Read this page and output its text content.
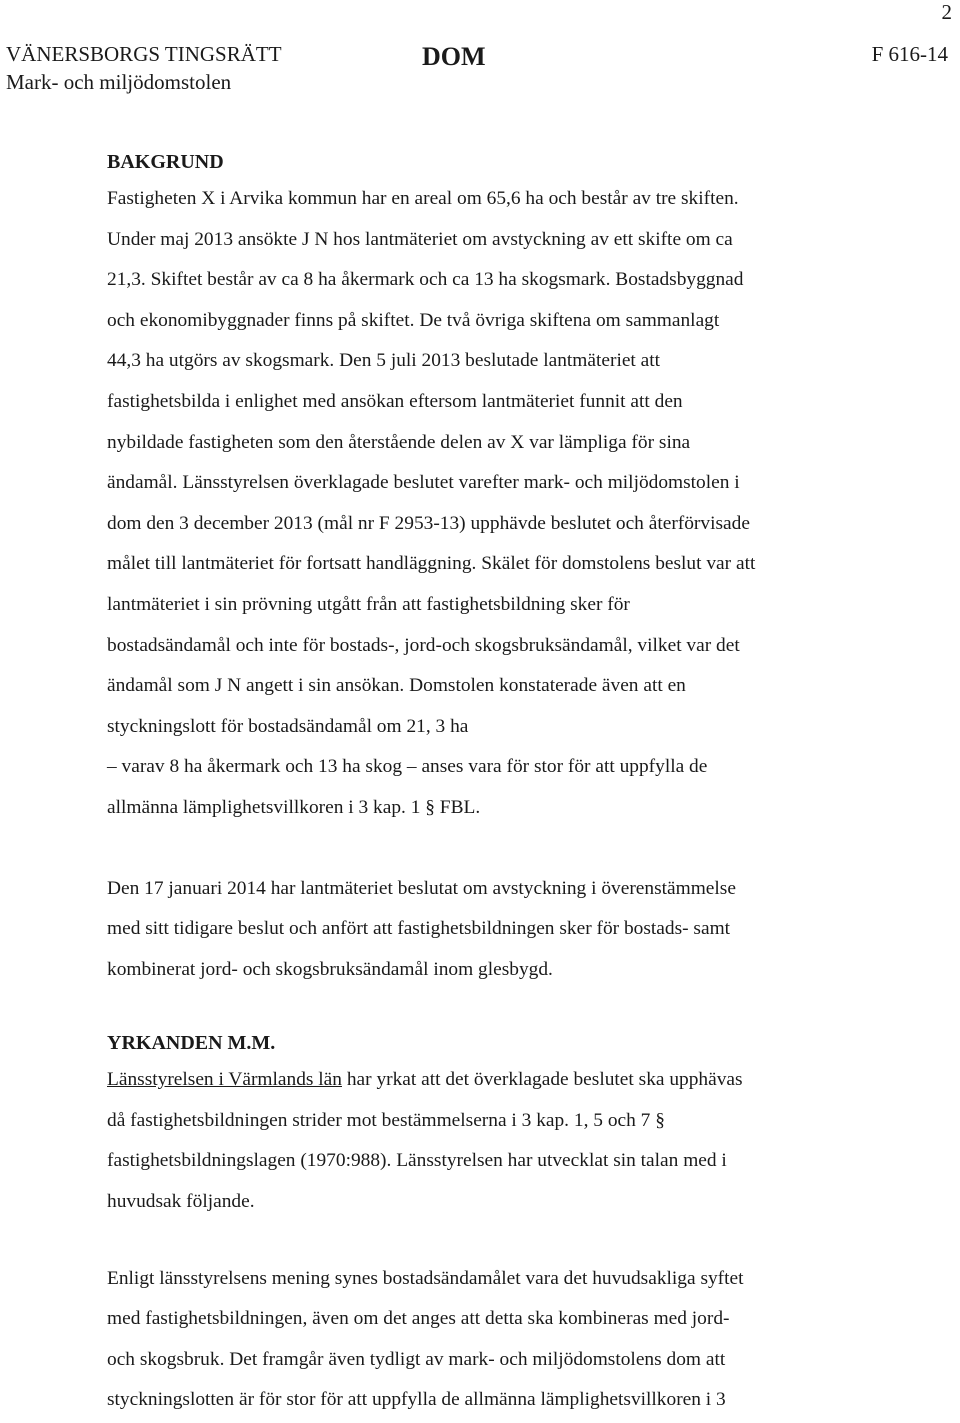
2
VÄNERSBORGS TINGSRÄTT
Mark- och miljödomstolen
DOM	F 616-14

BAKGRUND

Fastigheten X i Arvika kommun har en areal om 65,6 ha och består av tre skiften.
Under maj 2013 ansökte J N hos lantmäteriet om avstyckning av ett skifte om ca
21,3. Skiftet består av ca 8 ha åkermark och ca 13 ha skogsmark. Bostadsbyggnad
och ekonomibyggnader finns på skiftet. De två övriga skiftena om sammanlagt
44,3 ha utgörs av skogsmark. Den 5 juli 2013 beslutade lantmäteriet att
fastighetsbilda i enlighet med ansökan eftersom lantmäteriet funnit att den
nybildade fastigheten som den återstående delen av X var lämpliga för sina
ändamål. Länsstyrelsen överklagade beslutet varefter mark- och miljödomstolen i
dom den 3 december 2013 (mål nr F 2953-13) upphävde beslutet och återförvisade
målet till lantmäteriet för fortsatt handläggning. Skälet för domstolens beslut var att
lantmäteriet i sin prövning utgått från att fastighetsbildning sker för
bostadsändamål och inte för bostads-, jord-och skogsbruksändamål, vilket var det
ändamål som J N angett i sin ansökan. Domstolen konstaterade även att en
styckningslott för bostadsändamål om 21, 3 ha
– varav 8 ha åkermark och 13 ha skog – anses vara för stor för att uppfylla de
allmänna lämplighetsvillkoren i 3 kap. 1 § FBL.

Den 17 januari 2014 har lantmäteriet beslutat om avstyckning i överenstämmelse
med sitt tidigare beslut och anfört att fastighetsbildningen sker för bostads- samt
kombinerat jord- och skogsbruksändamål inom glesbygd.

YRKANDEN M.M.

Länsstyrelsen i Värmlands län har yrkat att det överklagade beslutet ska upphävas
då fastighetsbildningen strider mot bestämmelserna i 3 kap. 1, 5 och 7 §
fastighetsbildningslagen (1970:988). Länsstyrelsen har utvecklat sin talan med i
huvudsak följande.

Enligt länsstyrelsens mening synes bostadsändamålet vara det huvudsakliga syftet
med fastighetsbildningen, även om det anges att detta ska kombineras med jord-
och skogsbruk. Det framgår även tydligt av mark- och miljödomstolens dom att
styckningslotten är för stor för att uppfylla de allmänna lämplighetsvillkoren i 3
